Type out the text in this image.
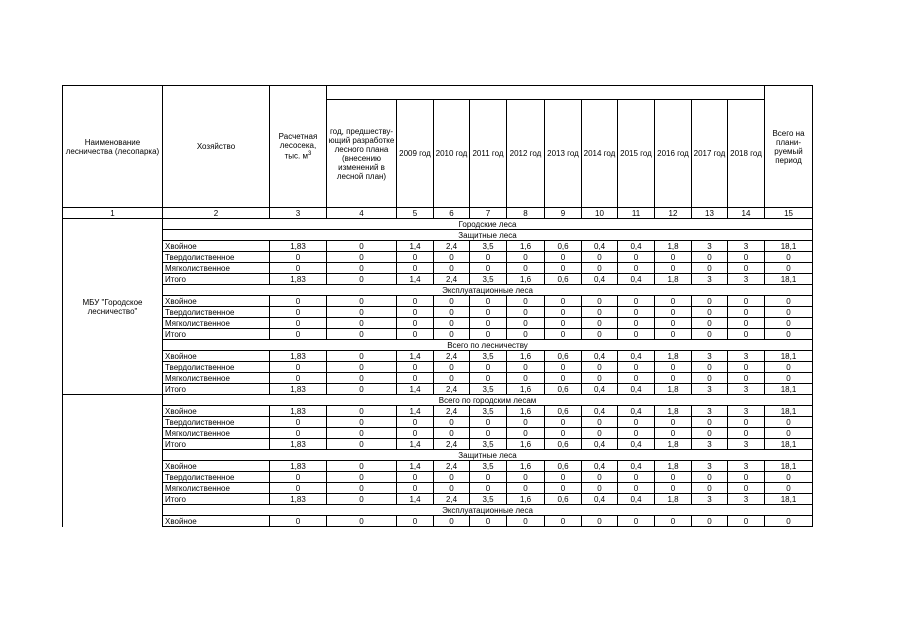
Наименование лесничества (лесопарка)	Хозяйство	Расчетная лесосека, тыс. $м^3$												Всего на плани-руемый период
			год, предшеству-ющий разработке лесного плана (внесению изменений в лесной план)	2009 год	2010 год	2011 год	2012 год	2013 год	2014 год	2015 год	2016 год	2017 год	2018 год	
1	2	3	4	5	6	7	8	9	10	11	12	13	14	15
МБУ "Городское лесничество"	Городские леса													
	Защитные леса													
	Хвойное	1,83	0	1,4	2,4	3,5	1,6	0,6	0,4	0,4	1,8	3	3	18,1
	Твердолиственное	0	0	0	0	0	0	0	0	0	0	0	0	0
	Мягколиственное	0	0	0	0	0	0	0	0	0	0	0	0	0
	Итого	1,83	0	1,4	2,4	3,5	1,6	0,6	0,4	0,4	1,8	3	3	18,1
	Эксплуатационные леса													
	Хвойное	0	0	0	0	0	0	0	0	0	0	0	0	0
	Твердолиственное	0	0	0	0	0	0	0	0	0	0	0	0	0
	Мягколиственное	0	0	0	0	0	0	0	0	0	0	0	0	0
	Итого	0	0	0	0	0	0	0	0	0	0	0	0	0
	Всего по лесничеству													
	Хвойное	1,83	0	1,4	2,4	3,5	1,6	0,6	0,4	0,4	1,8	3	3	18,1
	Твердолиственное	0	0	0	0	0	0	0	0	0	0	0	0	0
	Мягколиственное	0	0	0	0	0	0	0	0	0	0	0	0	0
	Итого	1,83	0	1,4	2,4	3,5	1,6	0,6	0,4	0,4	1,8	3	3	18,1
	Всего по городским лесам													
	Хвойное	1,83	0	1,4	2,4	3,5	1,6	0,6	0,4	0,4	1,8	3	3	18,1
	Твердолиственное	0	0	0	0	0	0	0	0	0	0	0	0	0
	Мягколиственное	0	0	0	0	0	0	0	0	0	0	0	0	0
	Итого	1,83	0	1,4	2,4	3,5	1,6	0,6	0,4	0,4	1,8	3	3	18,1
	Защитные леса													
	Хвойное	1,83	0	1,4	2,4	3,5	1,6	0,6	0,4	0,4	1,8	3	3	18,1
	Твердолиственное	0	0	0	0	0	0	0	0	0	0	0	0	0
	Мягколиственное	0	0	0	0	0	0	0	0	0	0	0	0	0
	Итого	1,83	0	1,4	2,4	3,5	1,6	0,6	0,4	0,4	1,8	3	3	18,1
	Эксплуатационные леса													
	Хвойное	0	0	0	0	0	0	0	0	0	0	0	0	0
